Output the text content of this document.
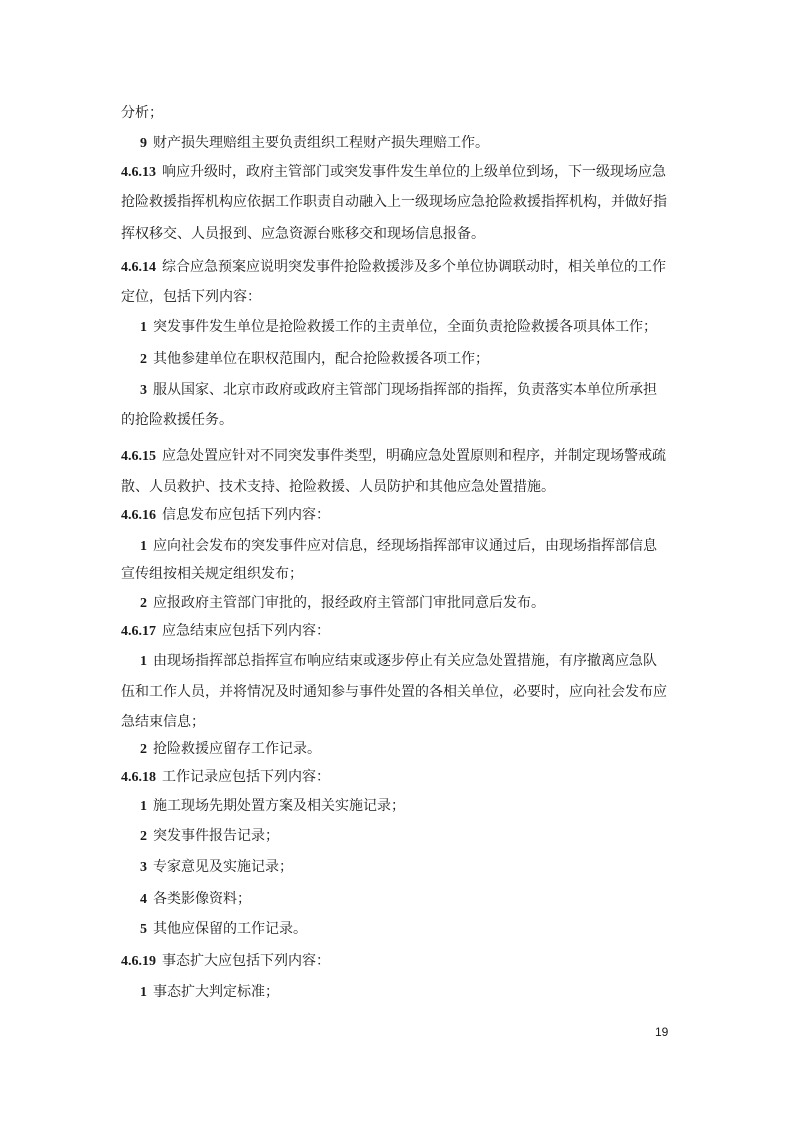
分析；
9 财产损失理赔组主要负责组织工程财产损失理赔工作。
4.6.13 响应升级时，政府主管部门或突发事件发生单位的上级单位到场，下一级现场应急
抢险救援指挥机构应依据工作职责自动融入上一级现场应急抢险救援指挥机构，并做好指
挥权移交、人员报到、应急资源台账移交和现场信息报备。
4.6.14 综合应急预案应说明突发事件抢险救援涉及多个单位协调联动时，相关单位的工作
定位，包括下列内容：
1 突发事件发生单位是抢险救援工作的主责单位，全面负责抢险救援各项具体工作；
2 其他参建单位在职权范围内，配合抢险救援各项工作；
3 服从国家、北京市政府或政府主管部门现场指挥部的指挥，负责落实本单位所承担
的抢险救援任务。
4.6.15 应急处置应针对不同突发事件类型，明确应急处置原则和程序，并制定现场警戒疏
散、人员救护、技术支持、抢险救援、人员防护和其他应急处置措施。
4.6.16 信息发布应包括下列内容：
1 应向社会发布的突发事件应对信息，经现场指挥部审议通过后，由现场指挥部信息
宣传组按相关规定组织发布；
2 应报政府主管部门审批的，报经政府主管部门审批同意后发布。
4.6.17 应急结束应包括下列内容：
1 由现场指挥部总指挥宣布响应结束或逐步停止有关应急处置措施，有序撤离应急队
伍和工作人员，并将情况及时通知参与事件处置的各相关单位，必要时，应向社会发布应
急结束信息；
2 抢险救援应留存工作记录。
4.6.18 工作记录应包括下列内容：
1 施工现场先期处置方案及相关实施记录；
2 突发事件报告记录；
3 专家意见及实施记录；
4 各类影像资料；
5 其他应保留的工作记录。
4.6.19 事态扩大应包括下列内容：
1 事态扩大判定标准；
19
